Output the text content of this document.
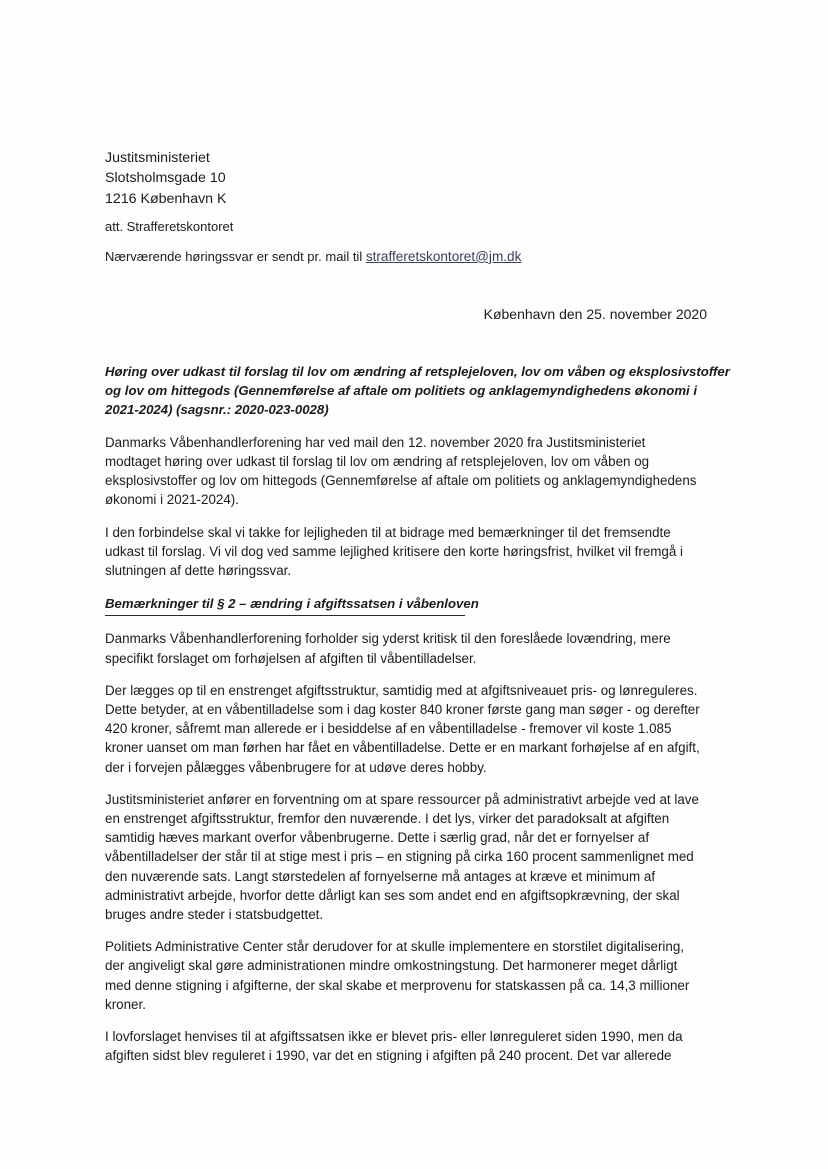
Justitsministeriet
Slotsholmsgade 10
1216 København K
att. Strafferetskontoret
Nærværende høringssvar er sendt pr. mail til strafferetskontoret@jm.dk
København den 25. november 2020
Høring over udkast til forslag til lov om ændring af retsplejeloven, lov om våben og eksplosivstoffer
og lov om hittegods (Gennemførelse af aftale om politiets og anklagemyndighedens økonomi i
2021-2024) (sagsnr.: 2020-023-0028)

Danmarks Våbenhandlerforening har ved mail den 12. november 2020 fra Justitsministeriet
modtaget høring over udkast til forslag til lov om ændring af retsplejeloven, lov om våben og
eksplosivstoffer og lov om hittegods (Gennemførelse af aftale om politiets og anklagemyndighedens
økonomi i 2021-2024).

I den forbindelse skal vi takke for lejligheden til at bidrage med bemærkninger til det fremsendte
udkast til forslag. Vi vil dog ved samme lejlighed kritisere den korte høringsfrist, hvilket vil fremgå i
slutningen af dette høringssvar.

Bemærkninger til § 2 – ændring i afgiftssatsen i våbenloven

Danmarks Våbenhandlerforening forholder sig yderst kritisk til den foreslåede lovændring, mere
specifikt forslaget om forhøjelsen af afgiften til våbentilladelser.

Der lægges op til en enstrenget afgiftsstruktur, samtidig med at afgiftsniveauet pris- og lønreguleres.
Dette betyder, at en våbentilladelse som i dag koster 840 kroner første gang man søger - og derefter
420 kroner, såfremt man allerede er i besiddelse af en våbentilladelse - fremover vil koste 1.085
kroner uanset om man førhen har fået en våbentilladelse. Dette er en markant forhøjelse af en afgift,
der i forvejen pålægges våbenbrugere for at udøve deres hobby.

Justitsministeriet anfører en forventning om at spare ressourcer på administrativt arbejde ved at lave
en enstrenget afgiftsstruktur, fremfor den nuværende. I det lys, virker det paradoksalt at afgiften
samtidig hæves markant overfor våbenbrugerne. Dette i særlig grad, når det er fornyelser af
våbentilladelser der står til at stige mest i pris – en stigning på cirka 160 procent sammenlignet med
den nuværende sats. Langt størstedelen af fornyelserne må antages at kræve et minimum af
administrativt arbejde, hvorfor dette dårligt kan ses som andet end en afgiftsopkrævning, der skal
bruges andre steder i statsbudgettet.

Politiets Administrative Center står derudover for at skulle implementere en storstilet digitalisering,
der angiveligt skal gøre administrationen mindre omkostningstung. Det harmonerer meget dårligt
med denne stigning i afgifterne, der skal skabe et merprovenu for statskassen på ca. 14,3 millioner
kroner.

I lovforslaget henvises til at afgiftssatsen ikke er blevet pris- eller lønreguleret siden 1990, men da
afgiften sidst blev reguleret i 1990, var det en stigning i afgiften på 240 procent. Det var allerede
